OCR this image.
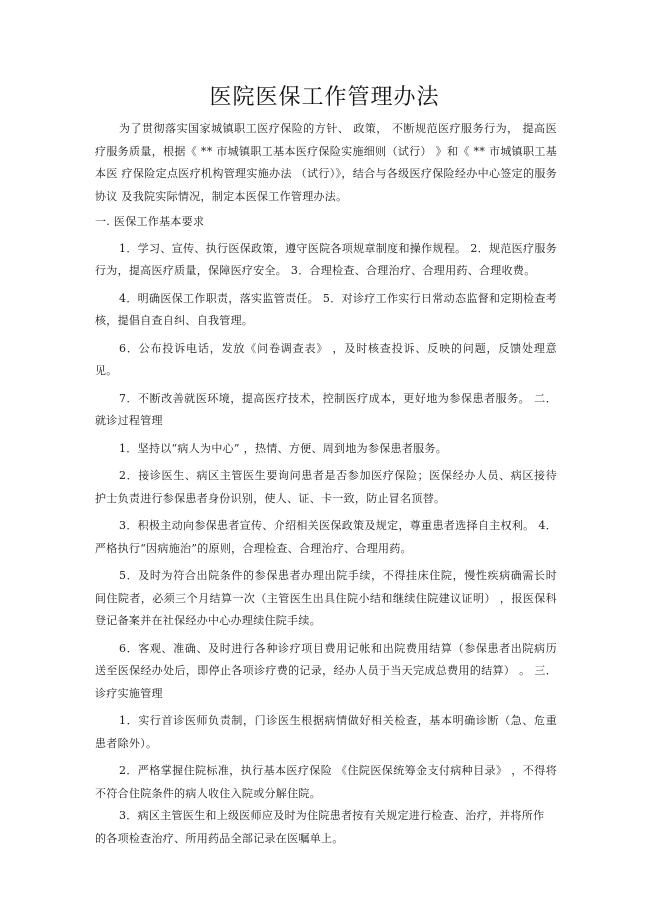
医院医保工作管理办法

为了贯彻落实国家城镇职工医疗保险的方针、 政策， 不断规范医疗服务行为， 提高医疗服务质量，根据《 ** 市城镇职工基本医疗保险实施细则（试行） 》和《 ** 市城镇职工基本医 疗保险定点医疗机构管理实施办法 （试行）》，结合与各级医疗保险经办中心签定的服务协议 及我院实际情况，制定本医保工作管理办法。

一. 医保工作基本要求

1．学习、宣传、执行医保政策，遵守医院各项规章制度和操作规程。 2．规范医疗服务行为，提高医疗质量，保障医疗安全。 3．合理检查、合理治疗、合理用药、合理收费。

4．明确医保工作职责，落实监管责任。 5．对诊疗工作实行日常动态监督和定期检查考核，提倡自查自纠、自我管理。

6．公布投诉电话，发放《问卷调查表》 ，及时核查投诉、反映的问题，反馈处理意见。

7．不断改善就医环境，提高医疗技术，控制医疗成本，更好地为参保患者服务。 二．就诊过程管理

1．坚持以“病人为中心” ，热情、方便、周到地为参保患者服务。

2．接诊医生、病区主管医生要询问患者是否参加医疗保险；医保经办人员、病区接待 护士负责进行参保患者身份识别，使人、证、卡一致，防止冒名顶替。

3．积极主动向参保患者宣传、介绍相关医保政策及规定，尊重患者选择自主权利。 4．严格执行“因病施治”的原则，合理检查、合理治疗、合理用药。

5．及时为符合出院条件的参保患者办理出院手续，不得挂床住院，慢性疾病确需长时 间住院者，必须三个月结算一次（主管医生出具住院小结和继续住院建议证明） ，报医保科 登记备案并在社保经办中心办理续住院手续。

6．客观、准确、及时进行各种诊疗项目费用记帐和出院费用结算（参保患者出院病历 送至医保经办处后，即停止各项诊疗费的记录，经办人员于当天完成总费用的结算） 。 三．诊疗实施管理

1．实行首诊医师负责制，门诊医生根据病情做好相关检查，基本明确诊断（急、危重 患者除外）。

2．严格掌握住院标准，执行基本医疗保险 《住院医保统筹金支付病种目录》 ，不得将不符合住院条件的病人收住入院或分解住院。

3．病区主管医生和上级医师应及时为住院患者按有关规定进行检查、治疗，并将所作

的各项检查治疗、所用药品全部记录在医嘱单上。
